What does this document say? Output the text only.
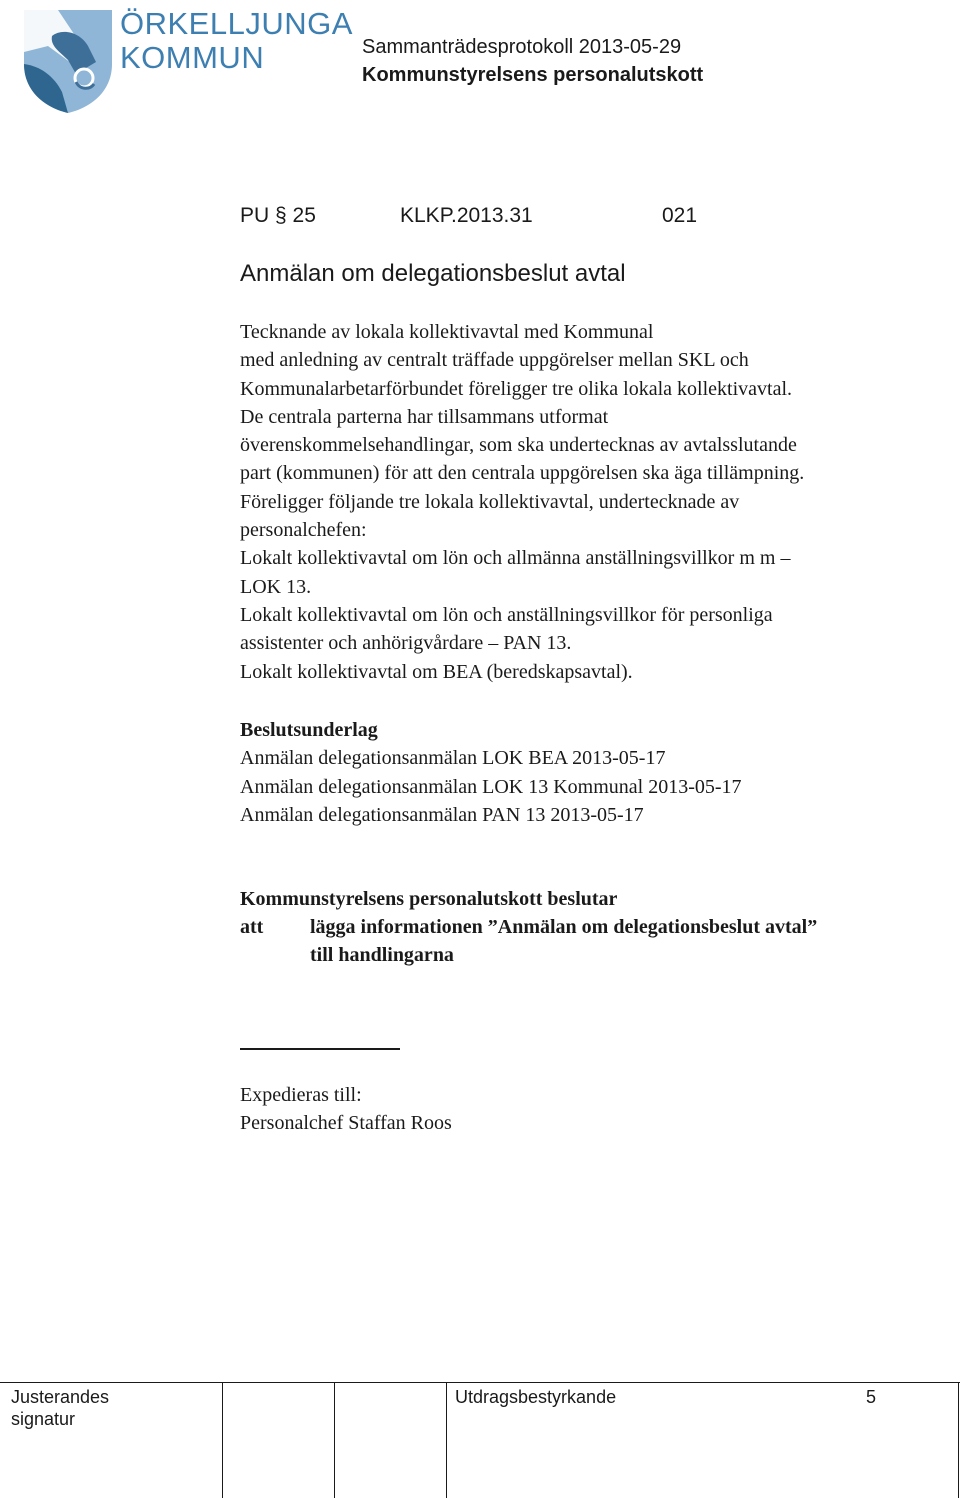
ÖRKELLJUNGA
KOMMUN	Sammanträdesprotokoll 2013-05-29
Kommunstyrelsens personalutskott
PU § 25	KLKP.2013.31	021
Anmälan om delegationsbeslut avtal
Tecknande av lokala kollektivavtal med Kommunal
med anledning av centralt träffade uppgörelser mellan SKL och
Kommunalarbetarförbundet föreligger tre olika lokala kollektivavtal.
De centrala parterna har tillsammans utformat
överenskommelsehandlingar, som ska undertecknas av avtalsslutande
part (kommunen) för att den centrala uppgörelsen ska äga tillämpning.
Föreligger följande tre lokala kollektivavtal, undertecknade av
personalchefen:
Lokalt kollektivavtal om lön och allmänna anställningsvillkor m m –
LOK 13.
Lokalt kollektivavtal om lön och anställningsvillkor för personliga
assistenter och anhörigvårdare – PAN 13.
Lokalt kollektivavtal om BEA (beredskapsavtal).
Beslutsunderlag
Anmälan delegationsanmälan LOK BEA 2013-05-17
Anmälan delegationsanmälan LOK 13 Kommunal 2013-05-17
Anmälan delegationsanmälan PAN 13 2013-05-17
Kommunstyrelsens personalutskott beslutar
att lägga informationen ”Anmälan om delegationsbeslut avtal”
till handlingarna
Expedieras till:
Personalchef Staffan Roos
Justerandes
signatur
Utdragsbestyrkande	5
